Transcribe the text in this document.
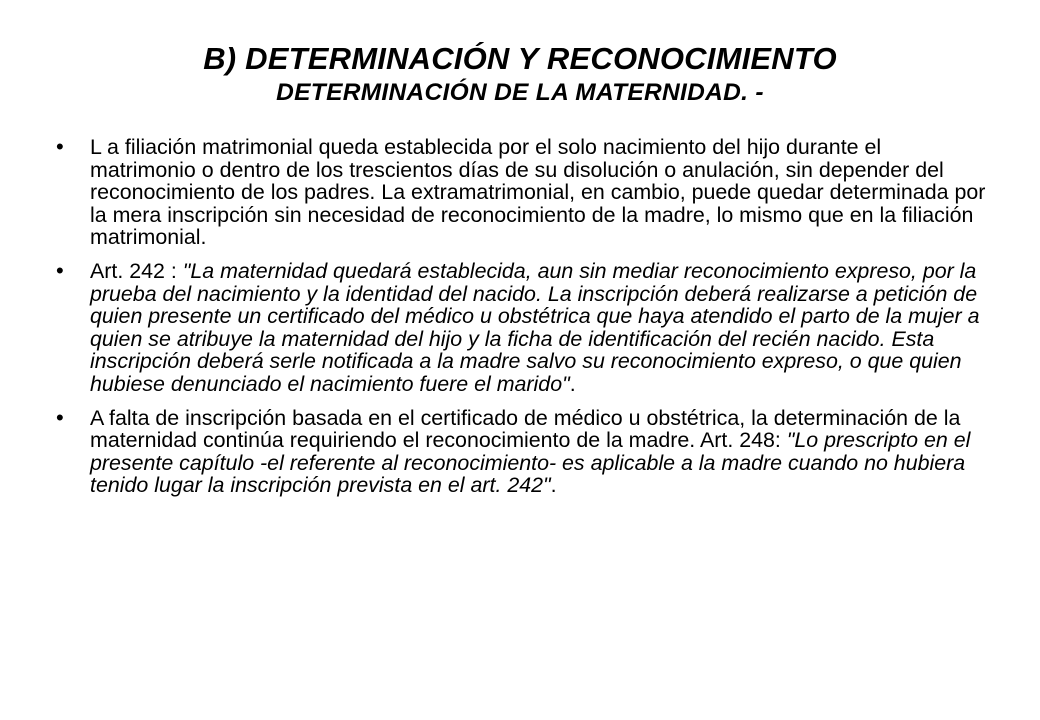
B) DETERMINACIÓN Y RECONOCIMIENTO
DETERMINACIÓN DE LA MATERNIDAD. -
• L a filiación matrimonial queda establecida por el solo nacimiento del hijo durante el matrimonio o dentro de los trescientos días de su disolución o anulación, sin depender del reconocimiento de los padres. La extramatrimonial, en cambio, puede quedar determinada por la mera inscripción sin necesidad de reconocimiento de la madre, lo mismo que en la filiación matrimonial.
• Art. 242 : "La maternidad quedará establecida, aun sin mediar reconocimiento expreso, por la prueba del nacimiento y la identidad del nacido. La inscripción deberá realizarse a petición de quien presente un certificado del médico u obstétrica que haya atendido el parto de la mujer a quien se atribuye la maternidad del hijo y la ficha de identificación del recién nacido. Esta inscripción deberá serle notificada a la madre salvo su reconocimiento expreso, o que quien hubiese denunciado el nacimiento fuere el marido".
• A falta de inscripción basada en el certificado de médico u obstétrica, la determinación de la maternidad continúa requiriendo el reconocimiento de la madre. Art. 248: "Lo prescripto en el presente capítulo -el referente al reconocimiento- es aplicable a la madre cuando no hubiera tenido lugar la inscripción prevista en el art. 242".
